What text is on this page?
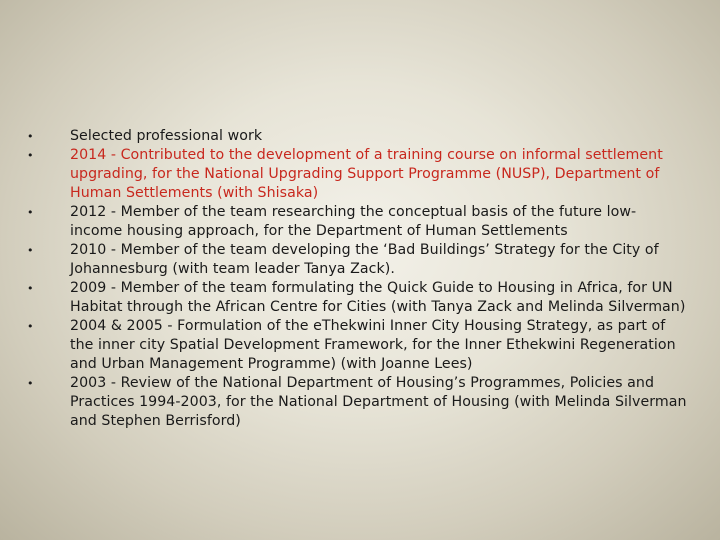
•	Selected professional work
•	2014 - Contributed to the development of a training course on informal settlement upgrading, for the National Upgrading Support Programme (NUSP), Department of Human Settlements (with Shisaka)
•	2012 - Member of the team researching the conceptual basis of the future low-income housing approach, for the Department of Human Settlements
•	2010 - Member of the team developing the ‘Bad Buildings’ Strategy for the City of Johannesburg (with team leader Tanya Zack).
•	2009 - Member of the team formulating the Quick Guide to Housing in Africa, for UN Habitat through the African Centre for Cities (with Tanya Zack and Melinda Silverman)
•	2004 & 2005 - Formulation of the eThekwini Inner City Housing Strategy, as part of the inner city Spatial Development Framework, for the Inner Ethekwini Regeneration and Urban Management Programme) (with Joanne Lees)
•	2003 - Review of the National Department of Housing’s Programmes, Policies and Practices 1994-2003, for the National Department of Housing (with Melinda Silverman and Stephen Berrisford)
